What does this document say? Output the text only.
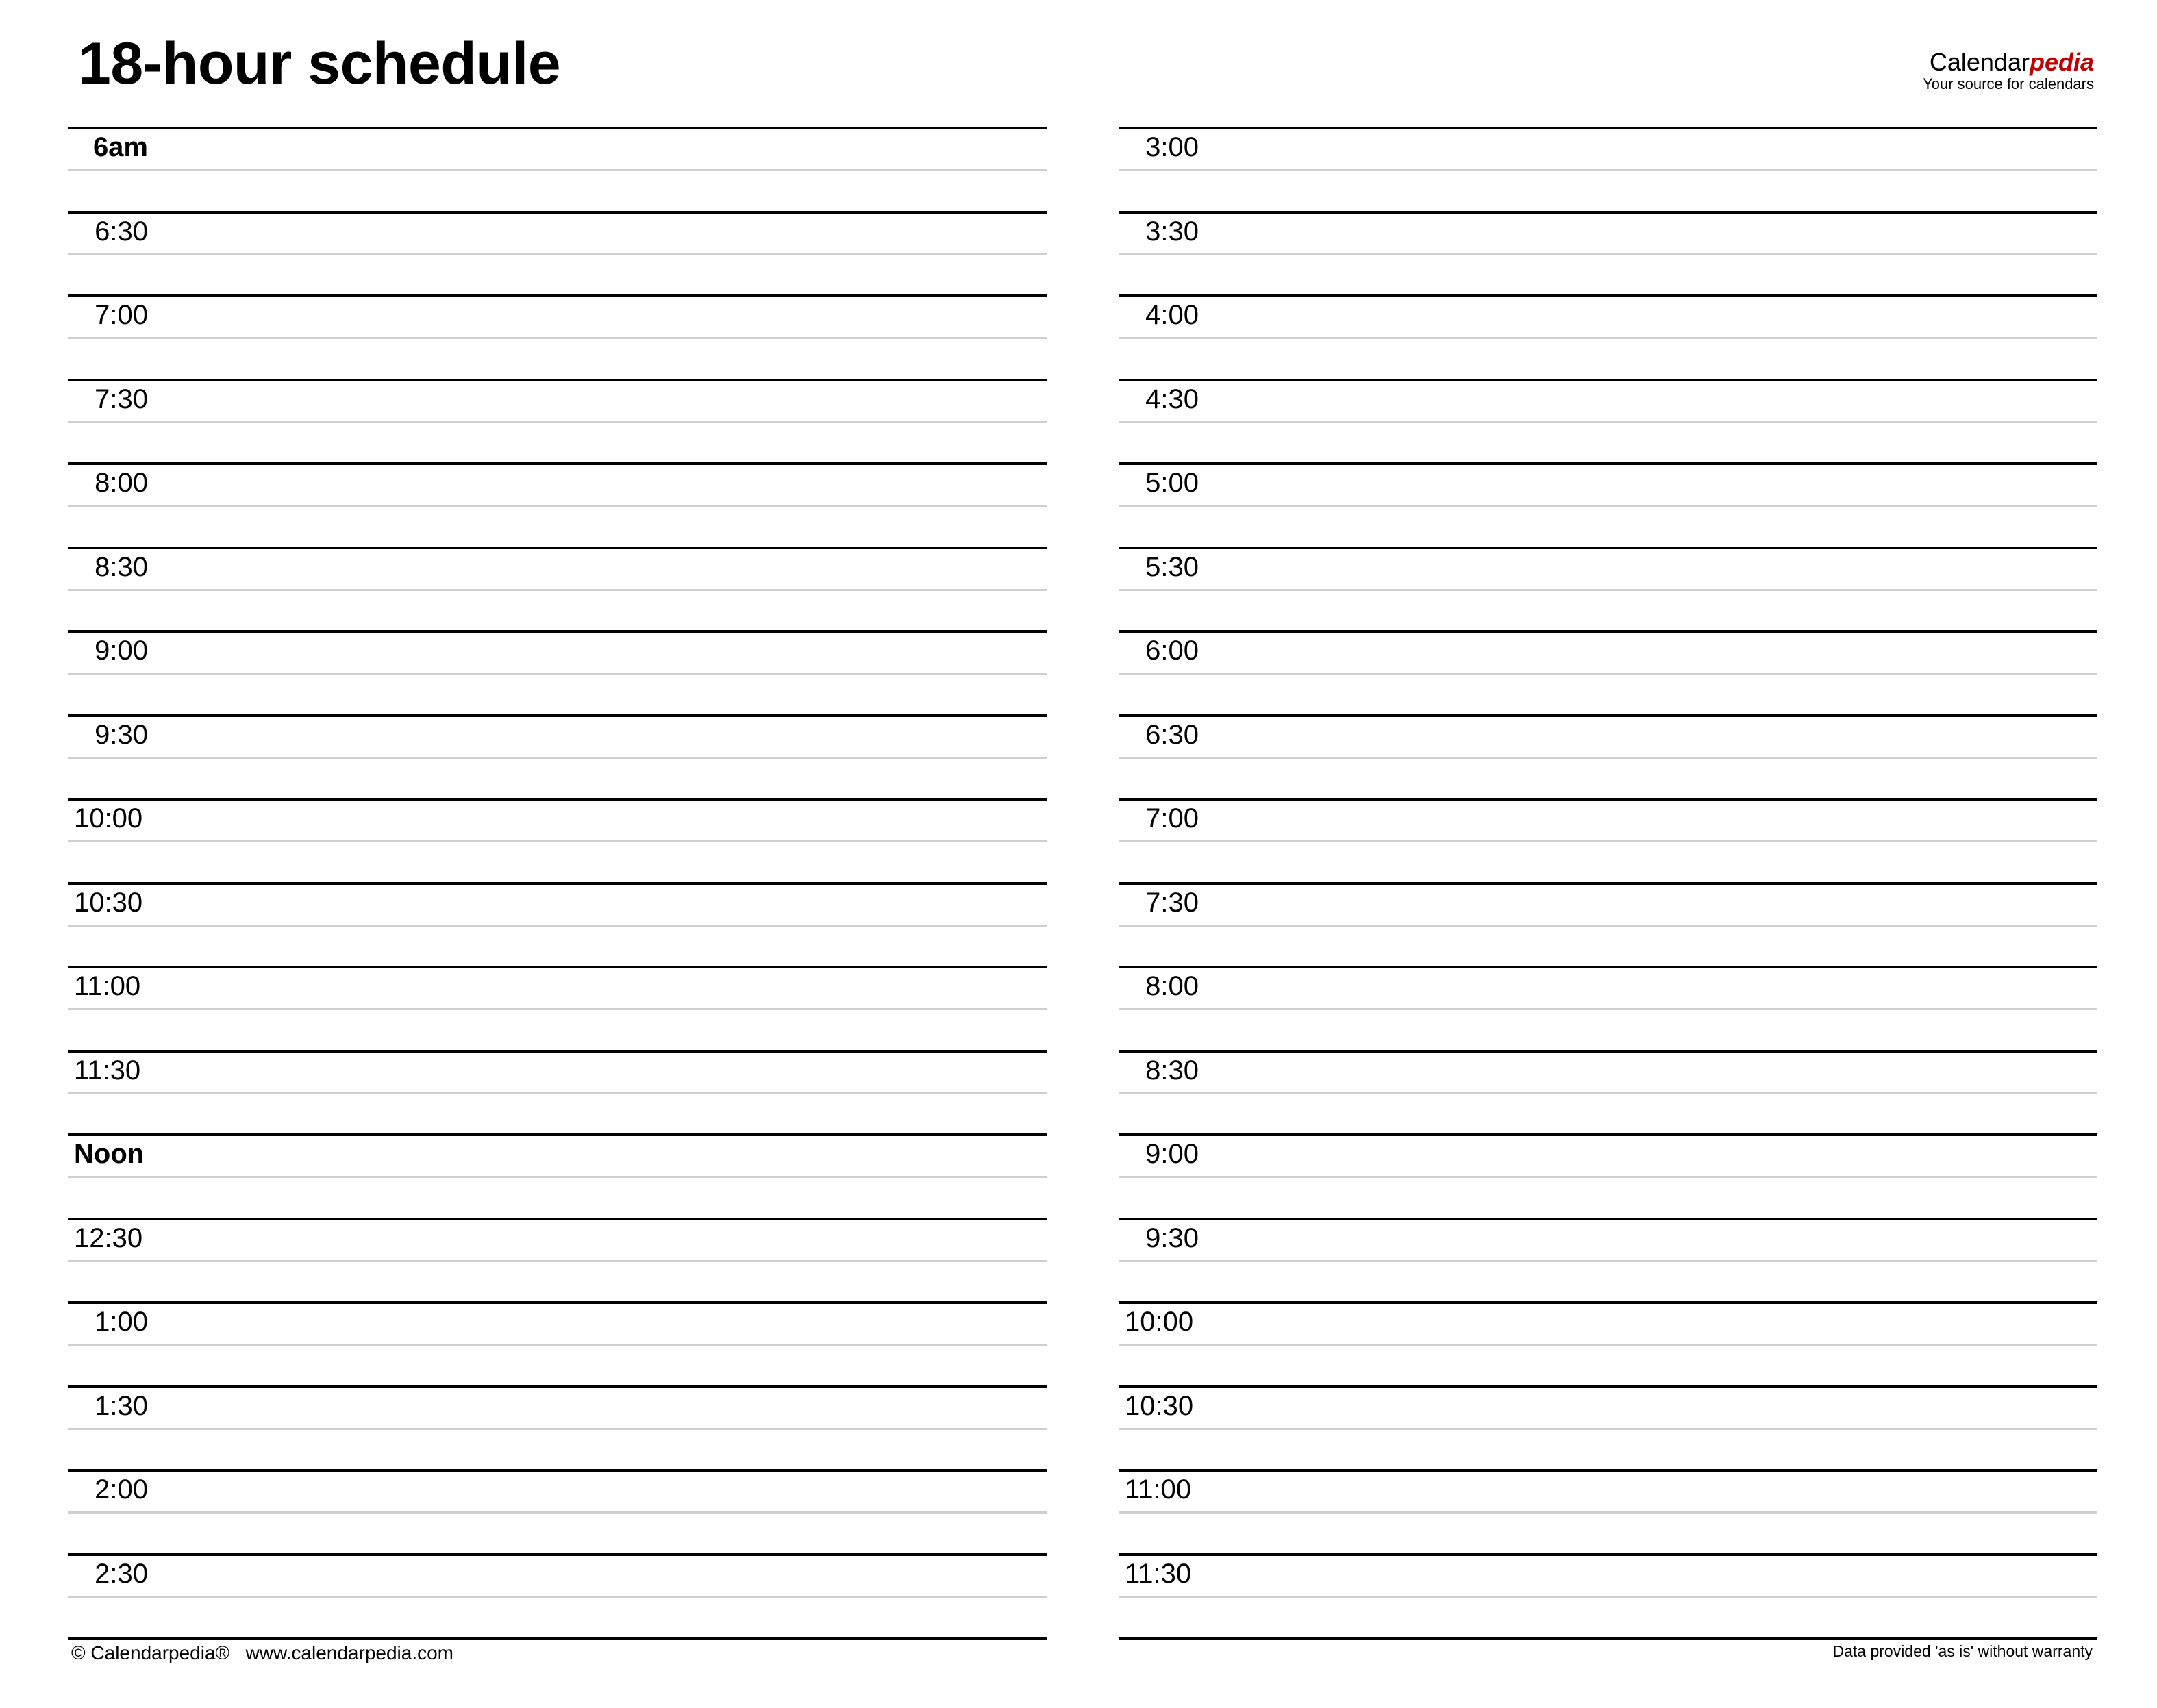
18-hour schedule	Calendarpedia
Your source for calendars
6am
6:30
7:00
7:30
8:00
8:30
9:00
9:30
10:00
10:30
11:00
11:30
Noon
12:30
1:00
1:30
2:00
2:30
3:00
3:30
4:00
4:30
5:00
5:30
6:00
6:30
7:00
7:30
8:00
8:30
9:00
9:30
10:00
10:30
11:00
11:30
© Calendarpedia®   www.calendarpedia.com	Data provided 'as is' without warranty
